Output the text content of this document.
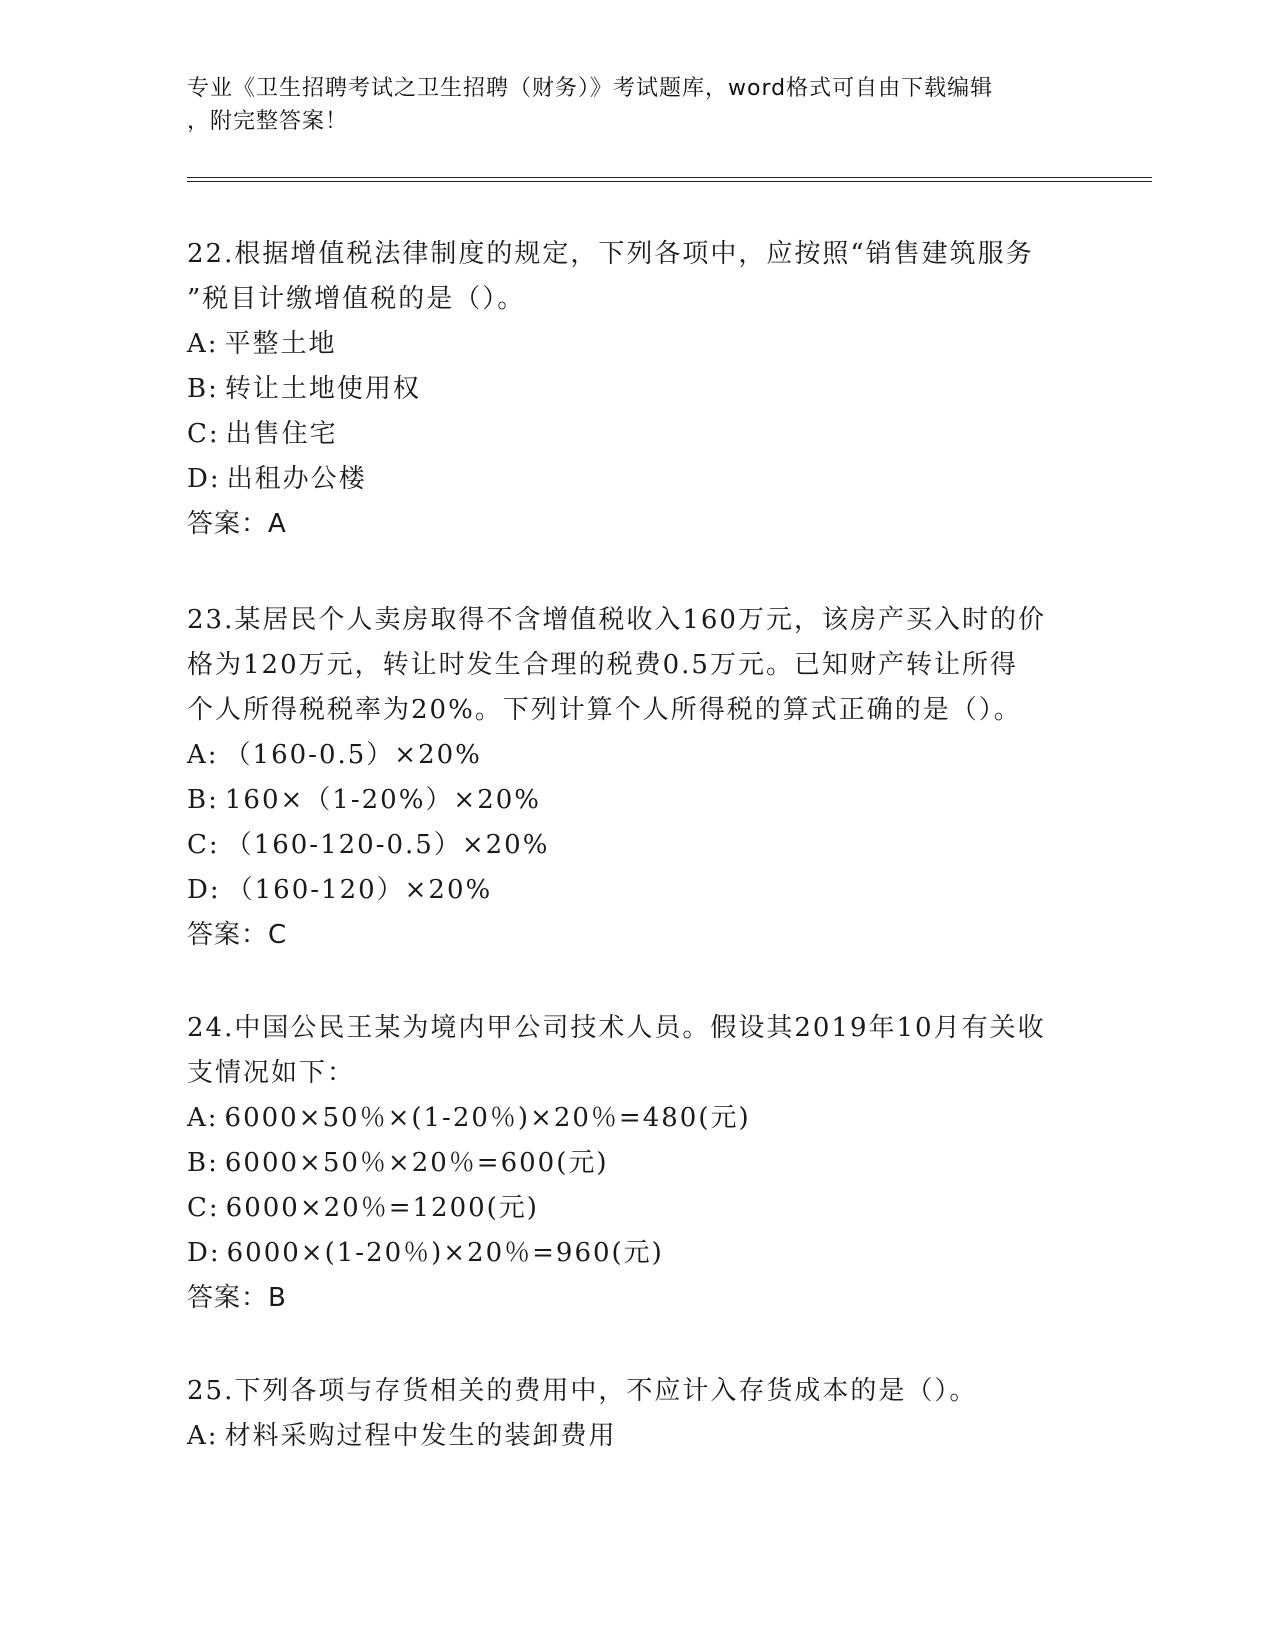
专业《卫生招聘考试之卫生招聘（财务）》考试题库，word格式可自由下载编辑
，附完整答案！

22.根据增值税法律制度的规定，下列各项中，应按照“销售建筑服务

”税目计缴增值税的是（）。

A: 平整土地

B: 转让土地使用权

C: 出售住宅

D: 出租办公楼

答案：A

23.某居民个人卖房取得不含增值税收入160万元，该房产买入时的价

格为120万元，转让时发生合理的税费0.5万元。已知财产转让所得

个人所得税税率为20%。下列计算个人所得税的算式正确的是（）。

A: （160-0.5）×20%

B: 160×（1-20%）×20%

C: （160-120-0.5）×20%

D: （160-120）×20%

答案：C

24.中国公民王某为境内甲公司技术人员。假设其2019年10月有关收

支情况如下：

A: 6000×50％×(1-20％)×20％=480(元)

B: 6000×50％×20％=600(元)

C: 6000×20％=1200(元)

D: 6000×(1-20％)×20％=960(元)

答案：B

25.下列各项与存货相关的费用中，不应计入存货成本的是（）。

A: 材料采购过程中发生的装卸费用
